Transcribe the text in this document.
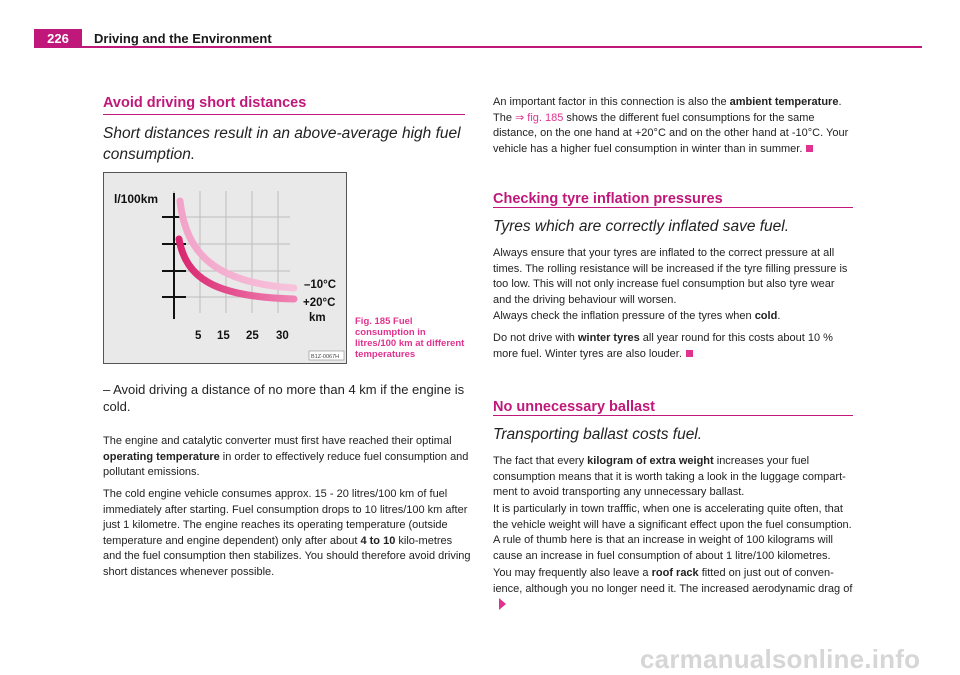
226	Driving and the Environment
Avoid driving short distances
Short distances result in an above-average high fuel consumption.
l/100km
–10°C
+20°C
km
5 15 25 30
B1Z-0067H
Fig. 185 Fuel consumption in litres/100 km at different temperatures
– Avoid driving a distance of no more than 4 km if the engine is cold.
The engine and catalytic converter must first have reached their optimal operating temperature in order to effectively reduce fuel consumption and pollutant emissions.
The cold engine vehicle consumes approx. 15 - 20 litres/100 km of fuel immediately after starting. Fuel consumption drops to 10 litres/100 km after just 1 kilometre. The engine reaches its operating temperature (outside temperature and engine dependent) only after about 4 to 10 kilo-metres and the fuel consumption then stabilizes. You should therefore avoid driving short distances whenever possible.
An important factor in this connection is also the ambient temperature. The ⇒ fig. 185 shows the different fuel consumptions for the same distance, on the one hand at +20°C and on the other hand at -10°C. Your vehicle has a higher fuel consumption in winter than in summer.
Checking tyre inflation pressures
Tyres which are correctly inflated save fuel.
Always ensure that your tyres are inflated to the correct pressure at all times. The rolling resistance will be increased if the tyre filling pressure is too low. This will not only increase fuel consumption but also tyre wear and the driving behaviour will worsen.
Always check the inflation pressure of the tyres when cold.
Do not drive with winter tyres all year round for this costs about 10 % more fuel. Winter tyres are also louder.
No unnecessary ballast
Transporting ballast costs fuel.
The fact that every kilogram of extra weight increases your fuel consumption means that it is worth taking a look in the luggage compart-ment to avoid transporting any unnecessary ballast.
It is particularly in town trafffic, when one is accelerating quite often, that the vehicle weight will have a significant effect upon the fuel consumption. A rule of thumb here is that an increase in weight of 100 kilograms will cause an increase in fuel consumption of about 1 litre/100 kilometres.
You may frequently also leave a roof rack fitted on just out of conven-ience, although you no longer need it. The increased aerodynamic drag of
carmanualsonline.info
